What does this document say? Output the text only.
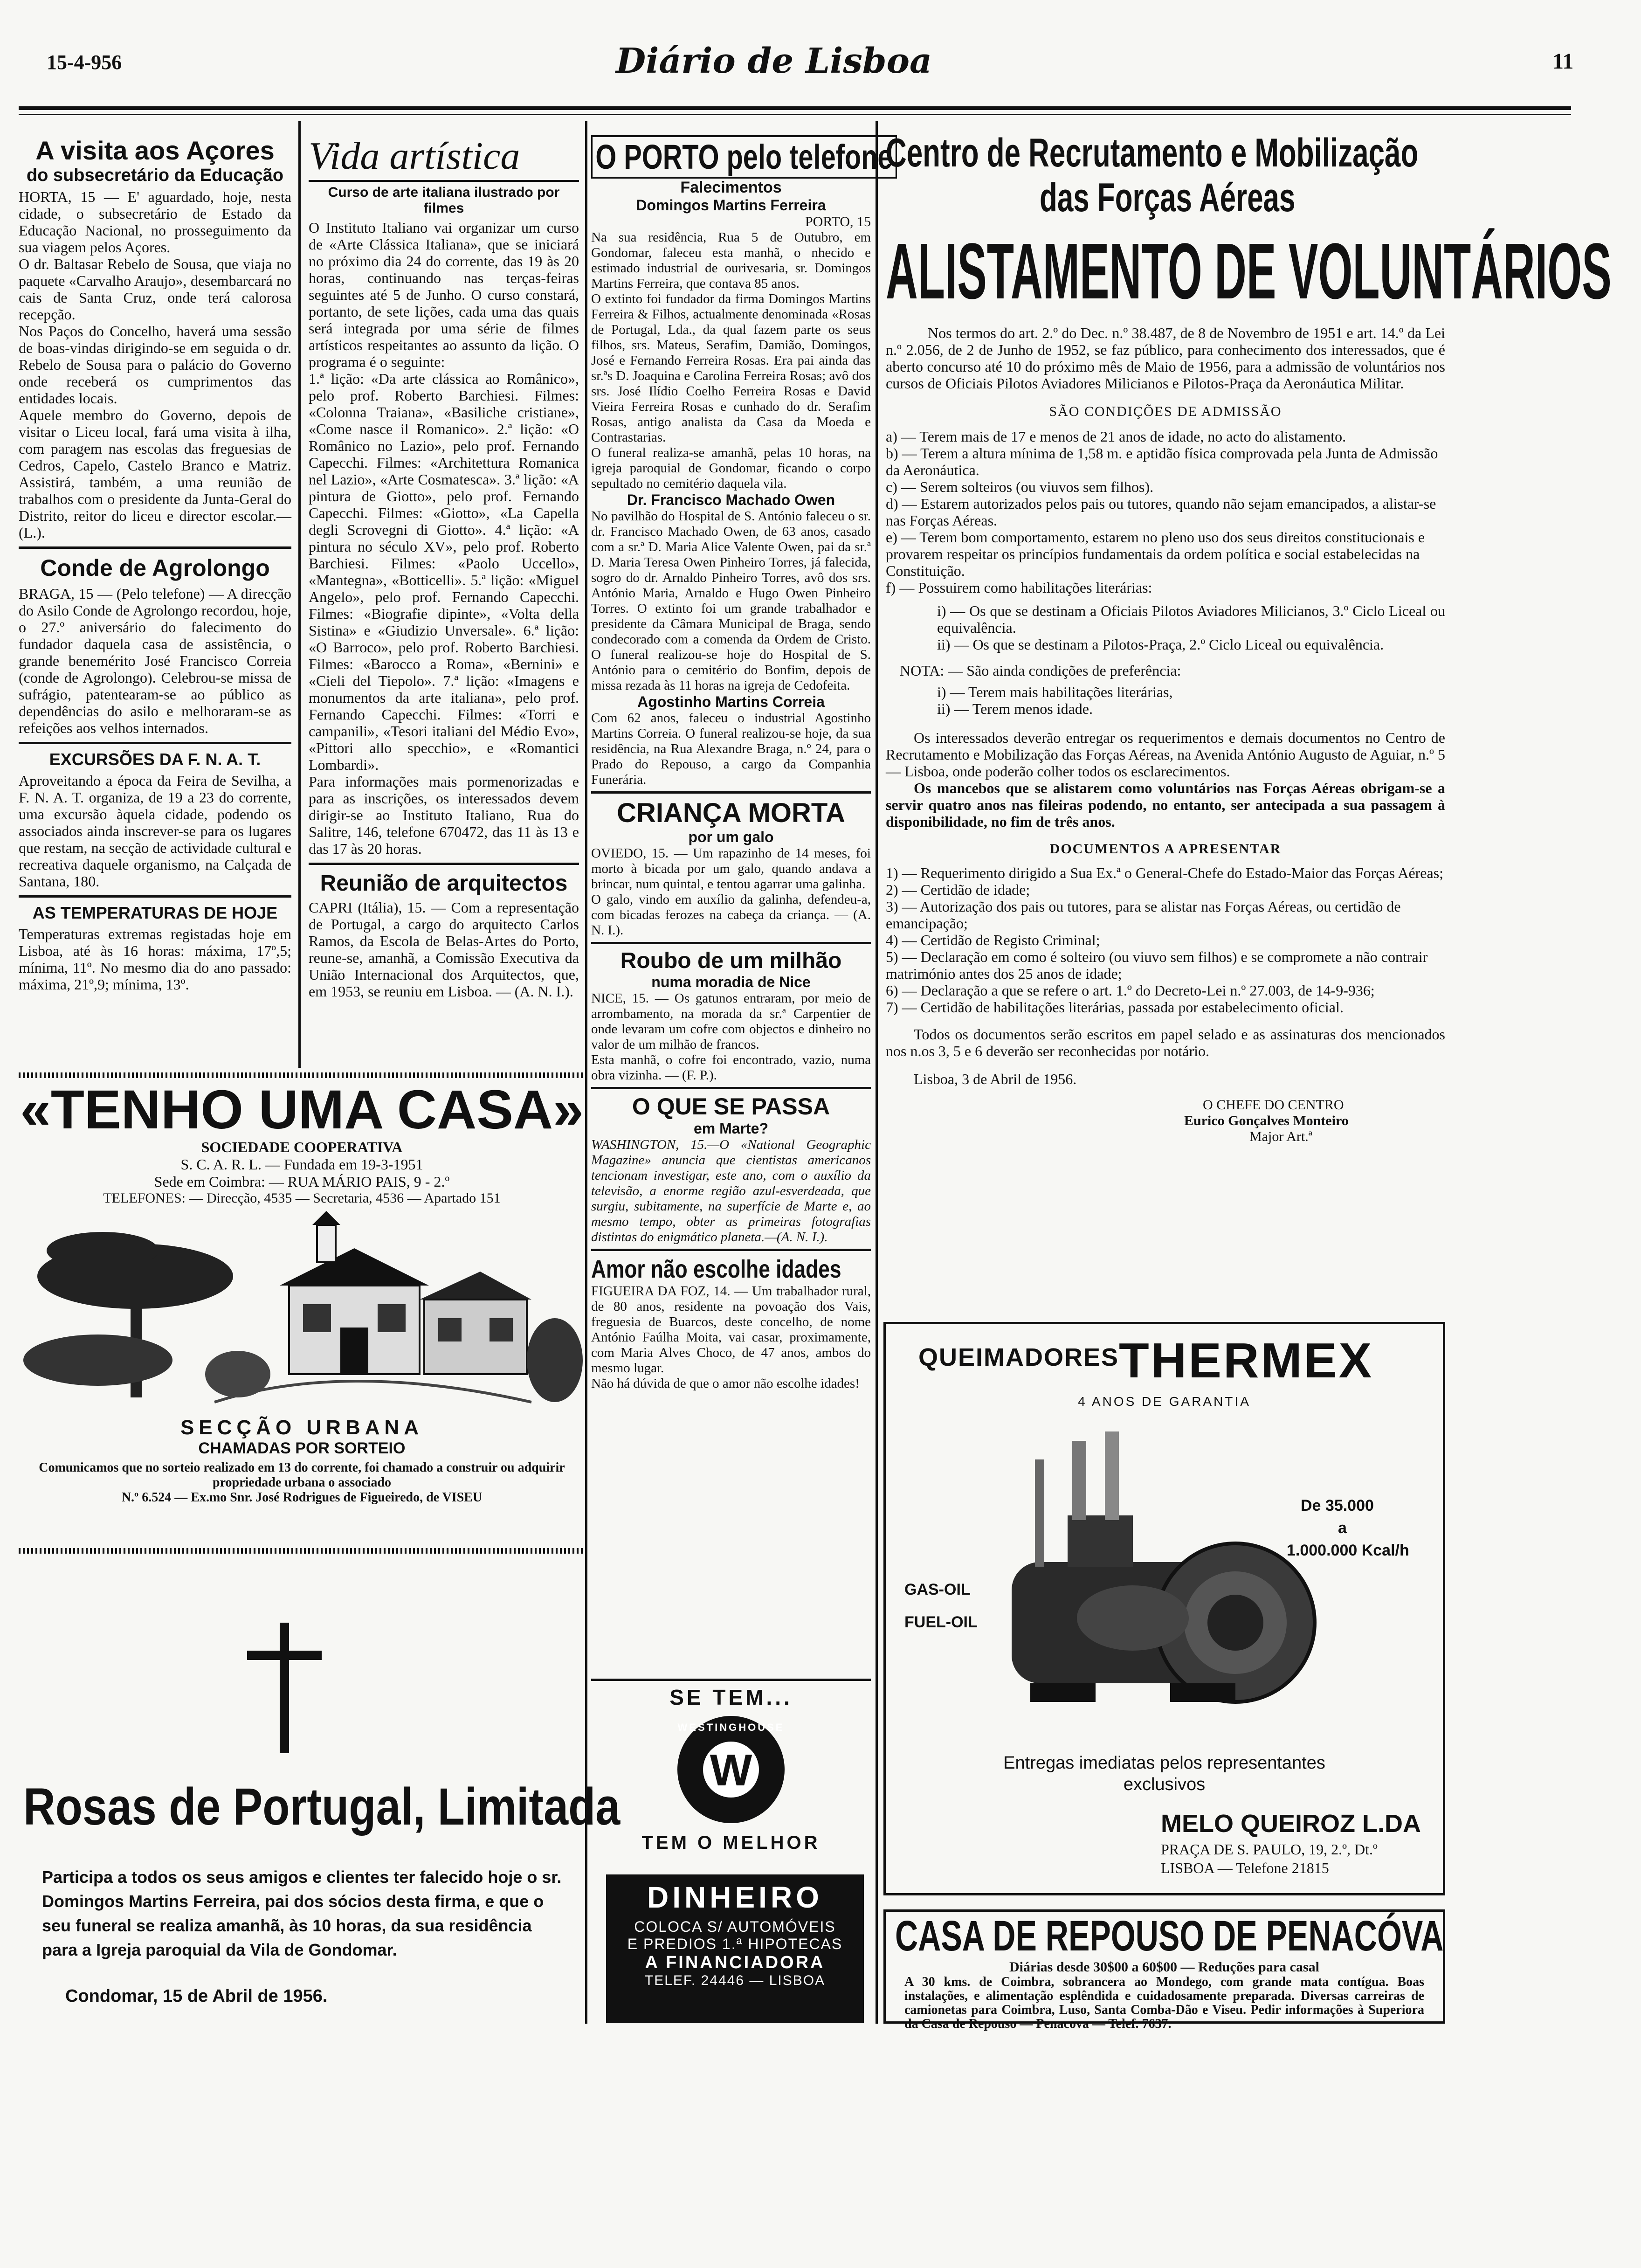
15-4-956	Diário de Lisboa	11
A visita aos Açores
do subsecretário da Educação

HORTA, 15 — E' aguardado, hoje, nesta cidade, o subsecretário de Estado da Educação Nacional, no prosseguimento da sua viagem pelos Açores.

O dr. Baltasar Rebelo de Sousa, que viaja no paquete «Carvalho Araujo», desembarcará no cais de Santa Cruz, onde terá calorosa recepção.

Nos Paços do Concelho, haverá uma sessão de boas-vindas dirigindo-se em seguida o dr. Rebelo de Sousa para o palácio do Governo onde receberá os cumprimentos das entidades locais.

Aquele membro do Governo, depois de visitar o Liceu local, fará uma visita à ilha, com paragem nas escolas das freguesias de Cedros, Capelo, Castelo Branco e Matriz. Assistirá, também, a uma reunião de trabalhos com o presidente da Junta-Geral do Distrito, reitor do liceu e director escolar.—(L.).

Conde de Agrolongo

BRAGA, 15 — (Pelo telefone) — A direcção do Asilo Conde de Agrolongo recordou, hoje, o 27.º aniversário do falecimento do fundador daquela casa de assistência, o grande benemérito José Francisco Correia (conde de Agrolongo). Celebrou-se missa de sufrágio, patentearam-se ao público as dependências do asilo e melhoraram-se as refeições aos velhos internados.

EXCURSÕES DA F. N. A. T.

Aproveitando a época da Feira de Sevilha, a F. N. A. T. organiza, de 19 a 23 do corrente, uma excursão àquela cidade, podendo os associados ainda inscrever-se para os lugares que restam, na secção de actividade cultural e recreativa daquele organismo, na Calçada de Santana, 180.

AS TEMPERATURAS DE HOJE

Temperaturas extremas registadas hoje em Lisboa, até às 16 horas: máxima, 17º,5; mínima, 11º. No mesmo dia do ano passado: máxima, 21º,9; mínima, 13º.

Vida artística
Curso de arte italiana ilustrado por filmes

O Instituto Italiano vai organizar um curso de «Arte Clássica Italiana», que se iniciará no próximo dia 24 do corrente, das 19 às 20 horas, continuando nas terças-feiras seguintes até 5 de Junho. O curso constará, portanto, de sete lições, cada uma das quais será integrada por uma série de filmes artísticos respeitantes ao assunto da lição. O programa é o seguinte:

1.ª lição: «Da arte clássica ao Românico», pelo prof. Roberto Barchiesi. Filmes: «Colonna Traiana», «Basiliche cristiane», «Come nasce il Romanico». 2.ª lição: «O Românico no Lazio», pelo prof. Fernando Capecchi. Filmes: «Architettura Romanica nel Lazio», «Arte Cosmatesca». 3.ª lição: «A pintura de Giotto», pelo prof. Fernando Capecchi. Filmes: «Giotto», «La Capella degli Scrovegni di Giotto». 4.ª lição: «A pintura no século XV», pelo prof. Roberto Barchiesi. Filmes: «Paolo Uccello», «Mantegna», «Botticelli». 5.ª lição: «Miguel Angelo», pelo prof. Fernando Capecchi. Filmes: «Biografie dipinte», «Volta della Sistina» e «Giudizio Unversale». 6.ª lição: «O Barroco», pelo prof. Roberto Barchiesi. Filmes: «Barocco a Roma», «Bernini» e «Cieli del Tiepolo». 7.ª lição: «Imagens e monumentos da arte italiana», pelo prof. Fernando Capecchi. Filmes: «Torri e campanili», «Tesori italiani del Médio Evo», «Pittori allo specchio», e «Romantici Lombardi».

Para informações mais pormenorizadas e para as inscrições, os interessados devem dirigir-se ao Instituto Italiano, Rua do Salitre, 146, telefone 670472, das 11 às 13 e das 17 às 20 horas.

Reunião de arquitectos

CAPRI (Itália), 15. — Com a representação de Portugal, a cargo do arquitecto Carlos Ramos, da Escola de Belas-Artes do Porto, reune-se, amanhã, a Comissão Executiva da União Internacional dos Arquitectos, que, em 1953, se reuniu em Lisboa. — (A. N. I.).

«TENHO UMA CASA»
SOCIEDADE COOPERATIVA
S. C. A. R. L. — Fundada em 19-3-1951
Sede em Coimbra: — RUA MÁRIO PAIS, 9 - 2.º
TELEFONES: — Direcção, 4535 — Secretaria, 4536 — Apartado 151
SECÇÃO URBANA
CHAMADAS POR SORTEIO
Comunicamos que no sorteio realizado em 13 do corrente, foi chamado a construir ou adquirir propriedade urbana o associado
N.º 6.524 — Ex.mo Snr. José Rodrigues de Figueiredo, de VISEU
Rosas de Portugal, Limitada
Participa a todos os seus amigos e clientes ter falecido hoje o sr. Domingos Martins Ferreira, pai dos sócios desta firma, e que o seu funeral se realiza amanhã, às 10 horas, da sua residência para a Igreja paroquial da Vila de Gondomar.
Condomar, 15 de Abril de 1956.
O PORTO pelo telefone
Falecimentos
Domingos Martins Ferreira
PORTO, 15

Na sua residência, Rua 5 de Outubro, em Gondomar, faleceu esta manhã, o nhecido e estimado industrial de ourivesaria, sr. Domingos Martins Ferreira, que contava 85 anos.

O extinto foi fundador da firma Domingos Martins Ferreira & Filhos, actualmente denominada «Rosas de Portugal, Lda., da qual fazem parte os seus filhos, srs. Mateus, Serafim, Damião, Domingos, José e Fernando Ferreira Rosas. Era pai ainda das sr.ªs D. Joaquina e Carolina Ferreira Rosas; avô dos srs. José Ilídio Coelho Ferreira Rosas e David Vieira Ferreira Rosas e cunhado do dr. Serafim Rosas, antigo analista da Casa da Moeda e Contrastarias.

O funeral realiza-se amanhã, pelas 10 horas, na igreja paroquial de Gondomar, ficando o corpo sepultado no cemitério daquela vila.

Dr. Francisco Machado Owen

No pavilhão do Hospital de S. António faleceu o sr. dr. Francisco Machado Owen, de 63 anos, casado com a sr.ª D. Maria Alice Valente Owen, pai da sr.ª D. Maria Teresa Owen Pinheiro Torres, já falecida, sogro do dr. Arnaldo Pinheiro Torres, avô dos srs. António Maria, Arnaldo e Hugo Owen Pinheiro Torres. O extinto foi um grande trabalhador e presidente da Câmara Municipal de Braga, sendo condecorado com a comenda da Ordem de Cristo. O funeral realizou-se hoje do Hospital de S. António para o cemitério do Bonfim, depois de missa rezada às 11 horas na igreja de Cedofeita.

Agostinho Martins Correia

Com 62 anos, faleceu o industrial Agostinho Martins Correia. O funeral realizou-se hoje, da sua residência, na Rua Alexandre Braga, n.º 24, para o Prado do Repouso, a cargo da Companhia Funerária.

CRIANÇA MORTA
por um galo

OVIEDO, 15. — Um rapazinho de 14 meses, foi morto à bicada por um galo, quando andava a brincar, num quintal, e tentou agarrar uma galinha.

O galo, vindo em auxílio da galinha, defendeu-a, com bicadas ferozes na cabeça da criança. — (A. N. I.).

Roubo de um milhão
numa moradia de Nice

NICE, 15. — Os gatunos entraram, por meio de arrombamento, na morada da sr.ª Carpentier de onde levaram um cofre com objectos e dinheiro no valor de um milhão de francos.

Esta manhã, o cofre foi encontrado, vazio, numa obra vizinha. — (F. P.).

O QUE SE PASSA
em Marte?

WASHINGTON, 15.—O «National Geographic Magazine» anuncia que cientistas americanos tencionam investigar, este ano, com o auxílio da televisão, a enorme região azul-esverdeada, que surgiu, subitamente, na superfície de Marte e, ao mesmo tempo, obter as primeiras fotografias distintas do enigmático planeta.—(A. N. I.).

Amor não escolhe idades

FIGUEIRA DA FOZ, 14. — Um trabalhador rural, de 80 anos, residente na povoação dos Vais, freguesia de Buarcos, deste concelho, de nome António Faúlha Moita, vai casar, proximamente, com Maria Alves Choco, de 47 anos, ambos do mesmo lugar.

Não há dúvida de que o amor não escolhe idades!

SE TEM...
WESTINGHOUSE
W
TEM O MELHOR
DINHEIRO
COLOCA S/ AUTOMÓVEIS
E PREDIOS 1.ª HIPOTECAS
A FINANCIADORA
TELEF. 24446 — LISBOA
Centro de Recrutamento e Mobilização
das Forças Aéreas
ALISTAMENTO DE VOLUNTÁRIOS

Nos termos do art. 2.º do Dec. n.º 38.487, de 8 de Novembro de 1951 e art. 14.º da Lei n.º 2.056, de 2 de Junho de 1952, se faz público, para conhecimento dos interessados, que é aberto concurso até 10 do próximo mês de Maio de 1956, para a admissão de voluntários nos cursos de Oficiais Pilotos Aviadores Milicianos e Pilotos-Praça da Aeronáutica Militar.

SÃO CONDIÇÕES DE ADMISSÃO
a) — Terem mais de 17 e menos de 21 anos de idade, no acto do alistamento.
b) — Terem a altura mínima de 1,58 m. e aptidão física comprovada pela Junta de Admissão da Aeronáutica.
c) — Serem solteiros (ou viuvos sem filhos).
d) — Estarem autorizados pelos pais ou tutores, quando não sejam emancipados, a alistar-se nas Forças Aéreas.
e) — Terem bom comportamento, estarem no pleno uso dos seus direitos constitucionais e provarem respeitar os princípios fundamentais da ordem política e social estabelecidas na Constituição.
f) — Possuirem como habilitações literárias:

i) — Os que se destinam a Oficiais Pilotos Aviadores Milicianos, 3.º Ciclo Liceal ou equivalência.

ii) — Os que se destinam a Pilotos-Praça, 2.º Ciclo Liceal ou equivalência.

NOTA: — São ainda condições de preferência:

i) — Terem mais habilitações literárias,

ii) — Terem menos idade.

Os interessados deverão entregar os requerimentos e demais documentos no Centro de Recrutamento e Mobilização das Forças Aéreas, na Avenida António Augusto de Aguiar, n.º 5 — Lisboa, onde poderão colher todos os esclarecimentos.

Os mancebos que se alistarem como voluntários nas Forças Aéreas obrigam-se a servir quatro anos nas fileiras podendo, no entanto, ser antecipada a sua passagem à disponibilidade, no fim de três anos.

DOCUMENTOS A APRESENTAR
1) — Requerimento dirigido a Sua Ex.ª o General-Chefe do Estado-Maior das Forças Aéreas;
2) — Certidão de idade;
3) — Autorização dos pais ou tutores, para se alistar nas Forças Aéreas, ou certidão de emancipação;
4) — Certidão de Registo Criminal;
5) — Declaração em como é solteiro (ou viuvo sem filhos) e se compromete a não contrair matrimónio antes dos 25 anos de idade;
6) — Declaração a que se refere o art. 1.º do Decreto-Lei n.º 27.003, de 14-9-936;
7) — Certidão de habilitações literárias, passada por estabelecimento oficial.

Todos os documentos serão escritos em papel selado e as assinaturas dos mencionados nos n.os 3, 5 e 6 deverão ser reconhecidas por notário.

Lisboa, 3 de Abril de 1956.
O CHEFE DO CENTRO
Eurico Gonçalves Monteiro
Major Art.ª
QUEIMADORES THERMEX
4 ANOS DE GARANTIA
De 35.000
a
1.000.000 Kcal/h
GAS-OIL
FUEL-OIL
Entregas imediatas pelos representantes
exclusivos
MELO QUEIROZ L.DA
PRAÇA DE S. PAULO, 19, 2.º, Dt.º
LISBOA — Telefone 21815
CASA DE REPOUSO DE PENACÓVA
Diárias desde 30$00 a 60$00 — Reduções para casal
A 30 kms. de Coimbra, sobrancera ao Mondego, com grande mata contígua. Boas instalações, e alimentação esplêndida e cuidadosamente preparada. Diversas carreiras de camionetas para Coimbra, Luso, Santa Comba-Dão e Viseu. Pedir informações à Superiora da Casa de Repouso — Penacova — Telef. 7637.
